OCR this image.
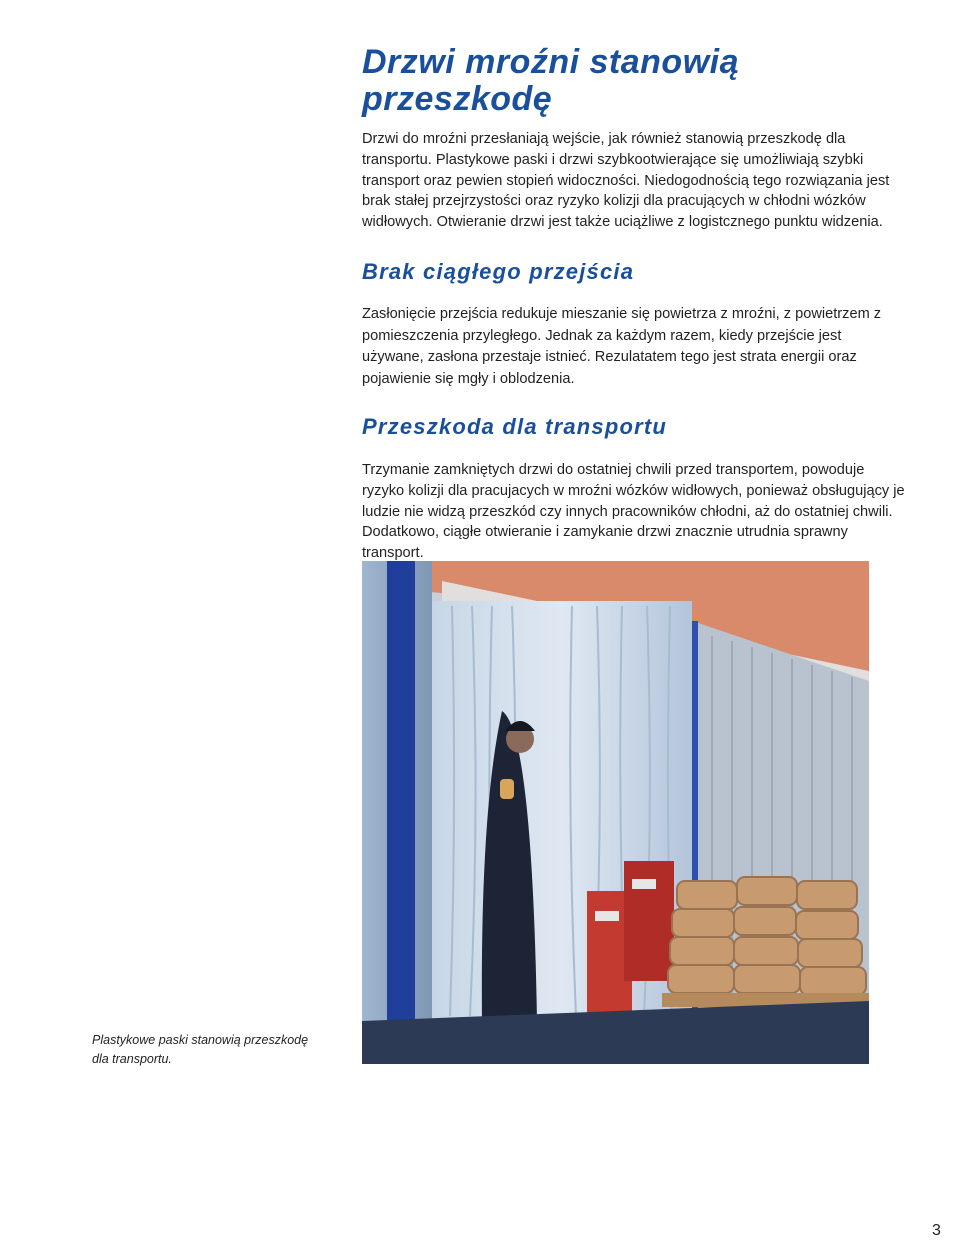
Drzwi mroźni stanowią przeszkodę

Drzwi do mroźni przesłaniają wejście, jak również stanowią przeszkodę dla transportu. Plastykowe paski i drzwi szybkootwierające się umożliwiają szybki transport oraz pewien stopień widoczności. Niedogodnością tego rozwiązania jest brak stałej przejrzystości oraz ryzyko kolizji dla pracujących w chłodni wózków widłowych. Otwieranie drzwi jest także uciążliwe z logistcznego punktu widzenia.

Brak ciągłego przejścia

Zasłonięcie przejścia redukuje mieszanie się powietrza z mroźni, z powietrzem z pomieszczenia przyległego. Jednak za każdym razem, kiedy przejście jest używane, zasłona przestaje istnieć. Rezulatatem tego jest strata energii oraz pojawienie się mgły i oblodzenia.

Przeszkoda dla transportu

Trzymanie zamkniętych drzwi do ostatniej chwili przed transportem, powoduje ryzyko kolizji dla pracujacych w mroźni wózków widłowych, ponieważ obsługujący je ludzie nie widzą przeszkód czy innych pracowników chłodni, aż do ostatniej chwili. Dodatkowo, ciągłe otwieranie i zamykanie drzwi znacznie utrudnia sprawny transport.

Plastykowe paski stanowią przeszkodę dla transportu.

3
